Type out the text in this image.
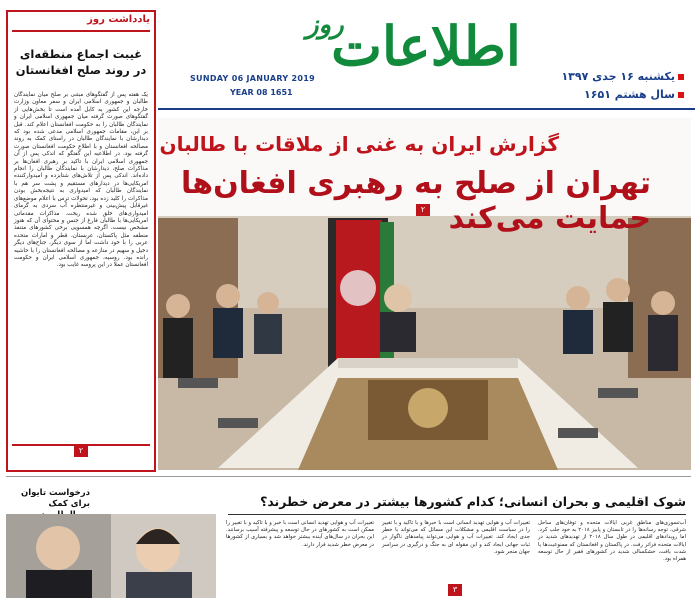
اطلاعات
روز
یکشنبه ۱۶ جدی ۱۳۹۷
سال هشتم ۱۶۵۱
SUNDAY 06 JANUARY 2019
YEAR 08 1651
یادداشت روز
غیبت اجماع منطقه‌ای در روند صلح افغانستان
یک هفته پس از گفتگوهای مبتنی بر صلح میان نمایندگان طالبان و جمهوری اسلامی ایران و سفر معاون وزارت خارجه این کشور به کابل آمده است تا بخش‌هایی از گفتگوهای صورت گرفته میان جمهوری اسلامی ایران و نمایندگان طالبان را به حکومت افغانستان اعلام کند. قبل بر این، مقامات جمهوری اسلامی مدعی شده بود که دیدارشان با نمایندگان طالبان در راستای کمک به روند مصالحه افغانستان و با اطلاع حکومت افغانستان صورت گرفته بود. در اطلاعیه این گفتگو که اندکی پس از آن جمهوری اسلامی ایران با تاکید بر رهبری افغان‌ها بر مذاکرات صلح، دیدارشان با نمایندگان طالبان را انجام داده‌اند. اندکی پس از تلاش‌های شتابزده و امیدوارکننده امریکایی‌ها در دیدارهای مستقیم و پشت سر هم با نمایندگان طالبان که امیدواری به نتیجه‌بخش بودن مذاکرات را کلید زده بود، تحولات ترس با اعلام موضع‌های غیرقابل پیش‌بینی و غیرمنتظره آب سردی به گرمای امیدواری‌های خلق شده ریخت. مذاکرات مقدماتی امریکایی‌ها با طالبان فارغ از جنس و محتوای آن که هنوز مشخص نیست، اگرچه همسویی برخی کشورهای متنفذ منطقه مثل پاکستان، عربستان، قطر و امارات متحده عربی را با خود داشت اما از سوی دیگر، جناح‌های دیگر دخیل و سهیم در منازعه و مصالحه افغانستان را با حاشیه رانده بود. روسیه، جمهوری اسلامی ایران و حکومت افغانستان عملا در این پروسه غایب بود.
۲
گزارش ایران به غنی از ملاقات با طالبان
تهران از صلح به رهبری افغان‌ها حمایت می‌کند
۲
درخواست تایوان برای کمک	شوک اقلیمی و بحران انسانی؛ کدام کشورها بیشتر در معرض خطرند؟
آب‌تسوری‌های مناطق غربی ایالات متحده و توفان‌های ساحل شرقی، توجه رسانه‌ها را در تابستان و پاییز ۲۰۱۸ به خود جلب کرد. اما رویدادهای اقلیمی در طول سال ۲۰۱۸ از تهدیدهای شدید در ایالات متحده فراتر رفت. در پاکستان و افغانستان که ممنوعیت‌ها یا شدت یافت، خشکسالی شدید در کشورهای فقیر از حال توسعه همراه بود.
تغییرات آب و هوایی تهدید انسانی است با خبرها و با تاکید و با تغییر را در سیاست اقلیمی و مشکلات این مسائل که می‌تواند با خطر جدی ایجاد کند. تغییرات آب و هوایی می‌تواند پیامدهای ناگوار در ثبات جهانی ایجاد کند و این مقوله ای به جنگ و درگیری در سراسر جهان منجر شود.
تغییرات آب و هوایی تهدید انسانی است با خبر و با تاکید و با تغییر را ممکن است به کشورهای در حال توسعه و پیشرفته آسیب برسانند. این بحران در سال‌های آینده بیشتر خواهد شد و بسیاری از کشورها در معرض خطر شدید قرار دارند.
۳
